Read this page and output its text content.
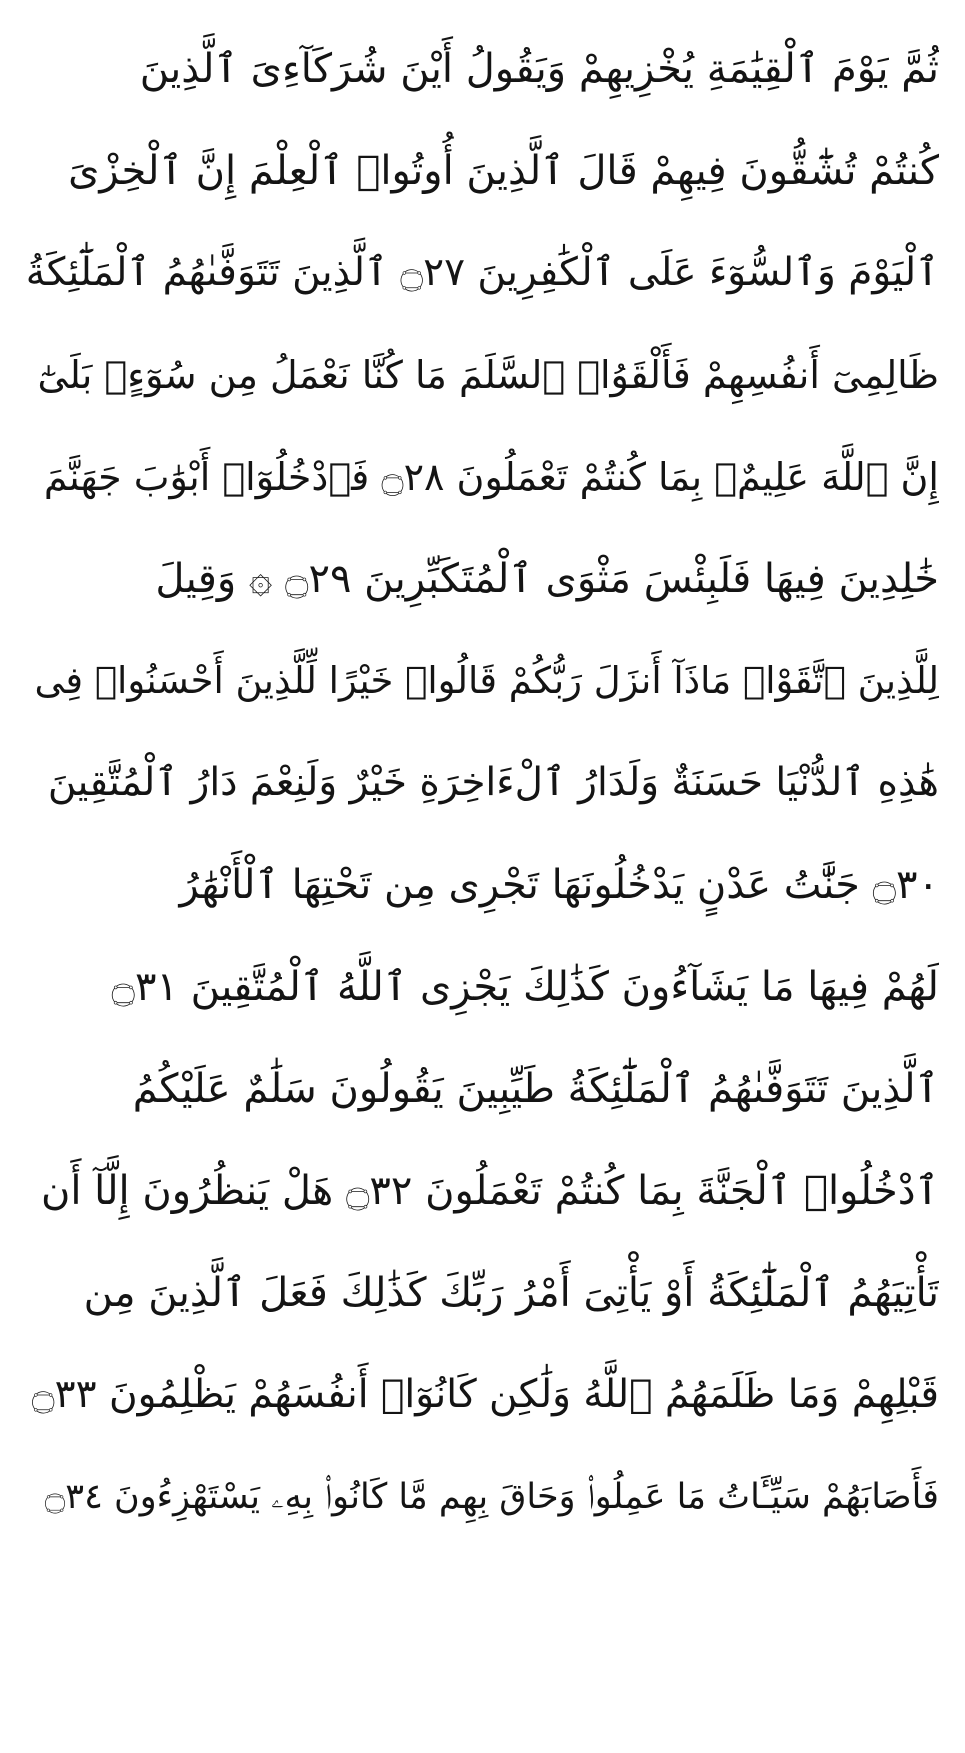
ثُمَّ يَوْمَ ٱلْقِيَٰمَةِ يُخْزِيهِمْ وَيَقُولُ أَيْنَ شُرَكَآءِىَ ٱلَّذِينَ
كُنتُمْ تُشَٰٓقُّونَ فِيهِمْ قَالَ ٱلَّذِينَ أُوتُوا۟ ٱلْعِلْمَ إِنَّ ٱلْخِزْىَ
ٱلْيَوْمَ وَٱلسُّوٓءَ عَلَى ٱلْكَٰفِرِينَ ۝٢٧ ٱلَّذِينَ تَتَوَفَّىٰهُمُ ٱلْمَلَٰٓئِكَةُ
ظَالِمِىٓ أَنفُسِهِمْ فَأَلْقَوُا۟ ٱلسَّلَمَ مَا كُنَّا نَعْمَلُ مِن سُوٓءٍۭ بَلَىٰٓ
إِنَّ ٱللَّهَ عَلِيمٌۢ بِمَا كُنتُمْ تَعْمَلُونَ ۝٢٨ فَٱدْخُلُوٓا۟ أَبْوَٰبَ جَهَنَّمَ
خَٰلِدِينَ فِيهَا فَلَبِئْسَ مَثْوَى ٱلْمُتَكَبِّرِينَ ۝٢٩ ۞ وَقِيلَ
لِلَّذِينَ ٱتَّقَوْا۟ مَاذَآ أَنزَلَ رَبُّكُمْ قَالُوا۟ خَيْرًا لِّلَّذِينَ أَحْسَنُوا۟ فِى
هَٰذِهِ ٱلدُّنْيَا حَسَنَةٌ وَلَدَارُ ٱلْءَاخِرَةِ خَيْرٌ وَلَنِعْمَ دَارُ ٱلْمُتَّقِينَ
۝٣٠ جَنَّٰتُ عَدْنٍ يَدْخُلُونَهَا تَجْرِى مِن تَحْتِهَا ٱلْأَنْهَٰرُ
لَهُمْ فِيهَا مَا يَشَآءُونَ كَذَٰلِكَ يَجْزِى ٱللَّهُ ٱلْمُتَّقِينَ ۝٣١
ٱلَّذِينَ تَتَوَفَّىٰهُمُ ٱلْمَلَٰٓئِكَةُ طَيِّبِينَ يَقُولُونَ سَلَٰمٌ عَلَيْكُمُ
ٱدْخُلُوا۟ ٱلْجَنَّةَ بِمَا كُنتُمْ تَعْمَلُونَ ۝٣٢ هَلْ يَنظُرُونَ إِلَّآ أَن
تَأْتِيَهُمُ ٱلْمَلَٰٓئِكَةُ أَوْ يَأْتِىَ أَمْرُ رَبِّكَ كَذَٰلِكَ فَعَلَ ٱلَّذِينَ مِن
قَبْلِهِمْ وَمَا ظَلَمَهُمُ ٱللَّهُ وَلَٰكِن كَانُوٓا۟ أَنفُسَهُمْ يَظْلِمُونَ ۝٣٣
فَأَصَابَهُمْ سَيِّـَٔاتُ مَا عَمِلُوا۟ وَحَاقَ بِهِم مَّا كَانُوا۟ بِهِۦ يَسْتَهْزِءُونَ ۝٣٤
